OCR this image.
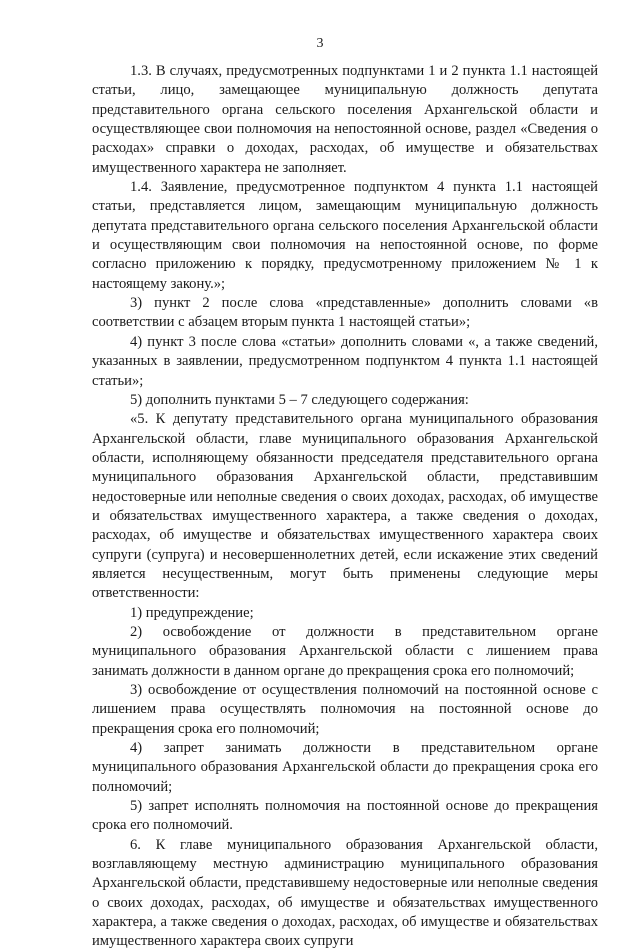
3

1.3. В случаях, предусмотренных подпунктами 1 и 2 пункта 1.1 настоящей статьи, лицо, замещающее муниципальную должность депутата представительного органа сельского поселения Архангельской области и осуществляющее свои полномочия на непостоянной основе, раздел «Сведения о расходах» справки о доходах, расходах, об имуществе и обязательствах имущественного характера не заполняет.

1.4. Заявление, предусмотренное подпунктом 4 пункта 1.1 настоящей статьи, представляется лицом, замещающим муниципальную должность депутата представительного органа сельского поселения Архангельской области и осуществляющим свои полномочия на непостоянной основе, по форме согласно приложению к порядку, предусмотренному приложением № 1 к настоящему закону.»;

3) пункт 2 после слова «представленные» дополнить словами «в соответствии с абзацем вторым пункта 1 настоящей статьи»;

4) пункт 3 после слова «статьи» дополнить словами «, а также сведений, указанных в заявлении, предусмотренном подпунктом 4 пункта 1.1 настоящей статьи»;

5) дополнить пунктами 5 – 7 следующего содержания:

«5. К депутату представительного органа муниципального образования Архангельской области, главе муниципального образования Архангельской области, исполняющему обязанности председателя представительного органа муниципального образования Архангельской области, представившим недостоверные или неполные сведения о своих доходах, расходах, об имуществе и обязательствах имущественного характера, а также сведения о доходах, расходах, об имуществе и обязательствах имущественного характера своих супруги (супруга) и несовершеннолетних детей, если искажение этих сведений является несущественным, могут быть применены следующие меры ответственности:

1) предупреждение;

2) освобождение от должности в представительном органе муниципального образования Архангельской области с лишением права занимать должности в данном органе до прекращения срока его полномочий;

3) освобождение от осуществления полномочий на постоянной основе с лишением права осуществлять полномочия на постоянной основе до прекращения срока его полномочий;

4) запрет занимать должности в представительном органе муниципального образования Архангельской области до прекращения срока его полномочий;

5) запрет исполнять полномочия на постоянной основе до прекращения срока его полномочий.

6. К главе муниципального образования Архангельской области, возглавляющему местную администрацию муниципального образования Архангельской области, представившему недостоверные или неполные сведения о своих доходах, расходах, об имуществе и обязательствах имущественного характера, а также сведения о доходах, расходах, об имуществе и обязательствах имущественного характера своих супруги
